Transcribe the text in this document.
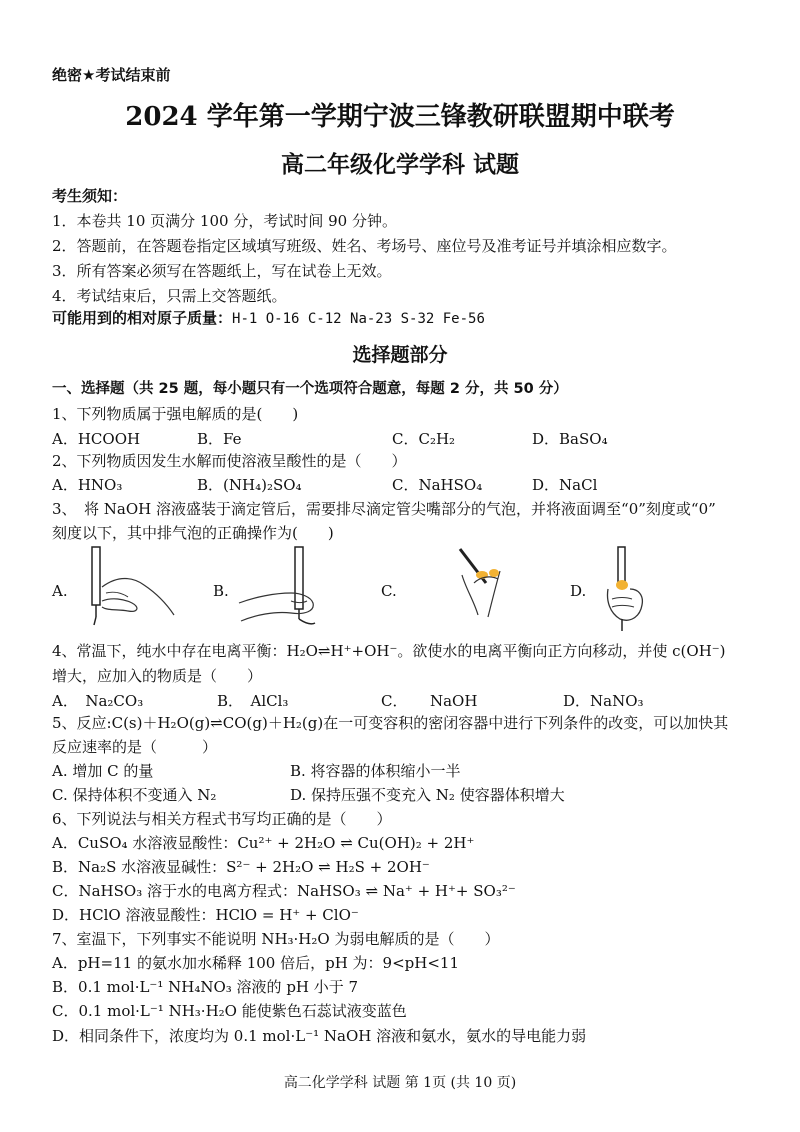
绝密★考试结束前
2024 学年第一学期宁波三锋教研联盟期中联考
高二年级化学学科 试题
考生须知：
1．本卷共 10 页满分 100 分，考试时间 90 分钟。
2．答题前，在答题卷指定区域填写班级、姓名、考场号、座位号及准考证号并填涂相应数字。
3．所有答案必须写在答题纸上，写在试卷上无效。
4．考试结束后，只需上交答题纸。
可能用到的相对原子质量：H-1 O-16 C-12 Na-23 S-32 Fe-56
选择题部分
一、选择题（共 25 题，每小题只有一个选项符合题意，每题 2 分，共 50 分）
1、下列物质属于强电解质的是(　　)
A．HCOOH	B．Fe	C．C₂H₂	D．BaSO₄
2、下列物质因发生水解而使溶液呈酸性的是（　　）
A．HNO₃	B．(NH₄)₂SO₄	C．NaHSO₄	D．NaCl
3、　将 NaOH 溶液盛装于滴定管后，需要排尽滴定管尖嘴部分的气泡，并将液面调至“0”刻度或“0”
刻度以下，其中排气泡的正确操作为(　　)
A.	B.	C.	D.
4、常温下，纯水中存在电离平衡：H₂O⇌H⁺+OH⁻。欲使水的电离平衡向正方向移动，并使 c(OH⁻)
增大，应加入的物质是（　　）
A．　Na₂CO₃	B．　AlCl₃	C．　　NaOH	D．NaNO₃
5、反应:C(s)＋H₂O(g)⇌CO(g)＋H₂(g)在一可变容积的密闭容器中进行下列条件的改变，可以加快其
反应速率的是（　　　）
A. 增加 C 的量	B. 将容器的体积缩小一半
C. 保持体积不变通入 N₂	D. 保持压强不变充入 N₂ 使容器体积增大
6、下列说法与相关方程式书写均正确的是（　　）
A．CuSO₄ 水溶液显酸性：Cu²⁺ + 2H₂O ⇌ Cu(OH)₂ + 2H⁺
B．Na₂S 水溶液显碱性：S²⁻ + 2H₂O ⇌ H₂S + 2OH⁻
C．NaHSO₃ 溶于水的电离方程式：NaHSO₃ ⇌ Na⁺ + H⁺+ SO₃²⁻
D．HClO 溶液显酸性：HClO = H⁺ + ClO⁻
7、室温下，下列事实不能说明 NH₃·H₂O 为弱电解质的是（　　）
A．pH=11 的氨水加水稀释 100 倍后，pH 为：9<pH<11
B．0.1 mol·L⁻¹ NH₄NO₃ 溶液的 pH 小于 7
C．0.1 mol·L⁻¹ NH₃·H₂O 能使紫色石蕊试液变蓝色
D．相同条件下，浓度均为 0.1 mol·L⁻¹ NaOH 溶液和氨水，氨水的导电能力弱
高二化学学科 试题 第 1页 (共 10 页)
